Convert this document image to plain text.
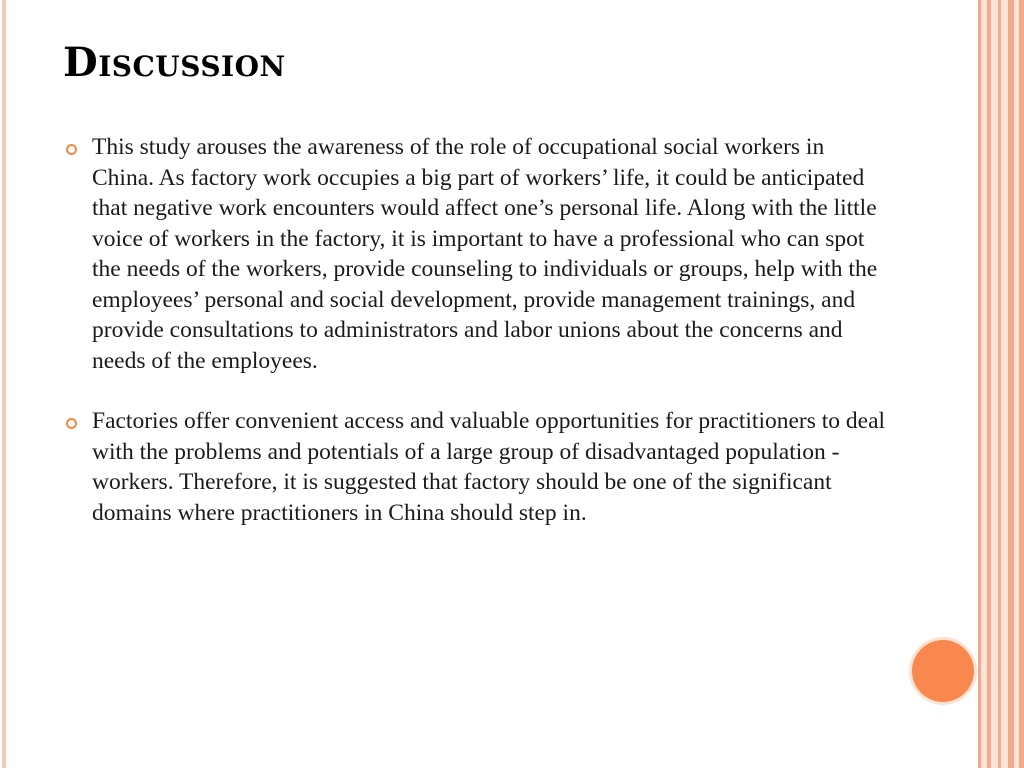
Discussion
This study arouses the awareness of the role of occupational social workers in China. As factory work occupies a big part of workers’ life, it could be anticipated that negative work encounters would affect one’s personal life. Along with the little voice of workers in the factory, it is important to have a professional who can spot the needs of the workers, provide counseling to individuals or groups, help with the employees’ personal and social development, provide management trainings, and provide consultations to administrators and labor unions about the concerns and needs of the employees.
Factories offer convenient access and valuable opportunities for practitioners to deal with the problems and potentials of a large group of disadvantaged population - workers. Therefore, it is suggested that factory should be one of the significant domains where practitioners in China should step in.
